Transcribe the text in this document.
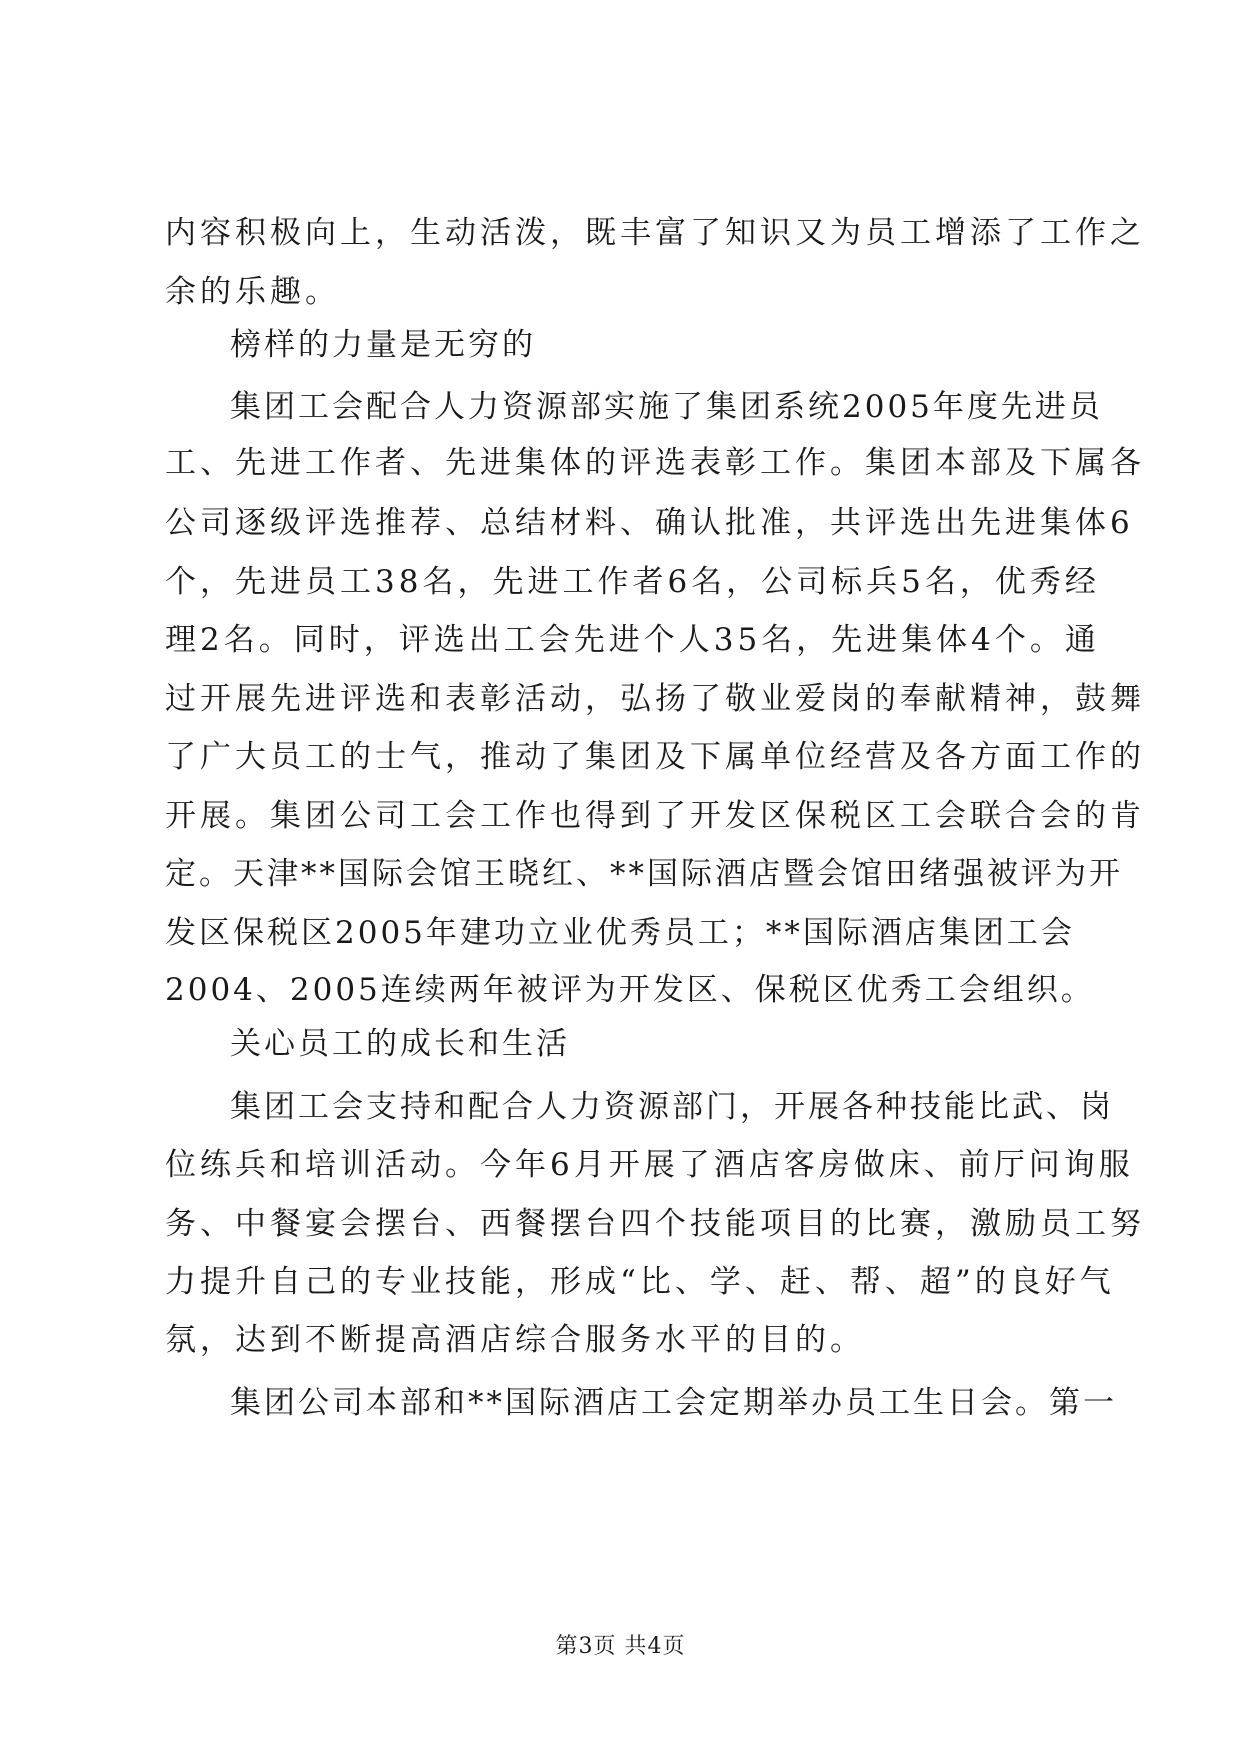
内容积极向上，生动活泼，既丰富了知识又为员工增添了工作之
余的乐趣。
榜样的力量是无穷的
集团工会配合人力资源部实施了集团系统2005年度先进员
工、先进工作者、先进集体的评选表彰工作。集团本部及下属各
公司逐级评选推荐、总结材料、确认批准，共评选出先进集体6
个，先进员工38名，先进工作者6名，公司标兵5名，优秀经
理2名。同时，评选出工会先进个人35名，先进集体4个。通
过开展先进评选和表彰活动，弘扬了敬业爱岗的奉献精神，鼓舞
了广大员工的士气，推动了集团及下属单位经营及各方面工作的
开展。集团公司工会工作也得到了开发区保税区工会联合会的肯
定。天津**国际会馆王晓红、**国际酒店暨会馆田绪强被评为开
发区保税区2005年建功立业优秀员工；**国际酒店集团工会
2004、2005连续两年被评为开发区、保税区优秀工会组织。
关心员工的成长和生活
集团工会支持和配合人力资源部门，开展各种技能比武、岗
位练兵和培训活动。今年6月开展了酒店客房做床、前厅问询服
务、中餐宴会摆台、西餐摆台四个技能项目的比赛，激励员工努
力提升自己的专业技能，形成“比、学、赶、帮、超”的良好气
氛，达到不断提高酒店综合服务水平的目的。
集团公司本部和**国际酒店工会定期举办员工生日会。第一
第3页 共4页
